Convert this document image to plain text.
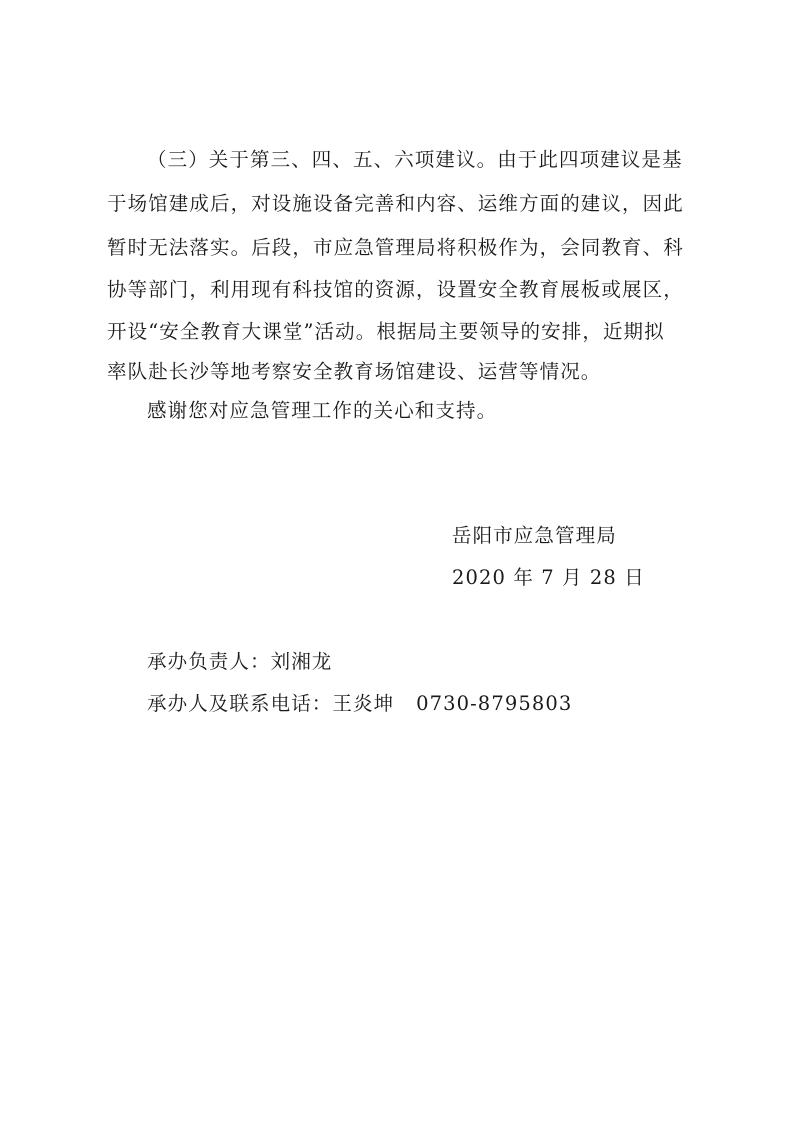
（三）关于第三、四、五、六项建议。由于此四项建议是基
于场馆建成后，对设施设备完善和内容、运维方面的建议，因此
暂时无法落实。后段，市应急管理局将积极作为，会同教育、科
协等部门，利用现有科技馆的资源，设置安全教育展板或展区，
开设“安全教育大课堂”活动。根据局主要领导的安排，近期拟
率队赴长沙等地考察安全教育场馆建设、运营等情况。
感谢您对应急管理工作的关心和支持。
岳阳市应急管理局
2020 年 7 月 28 日
承办负责人：刘湘龙
承办人及联系电话：王炎坤   0730-8795803
